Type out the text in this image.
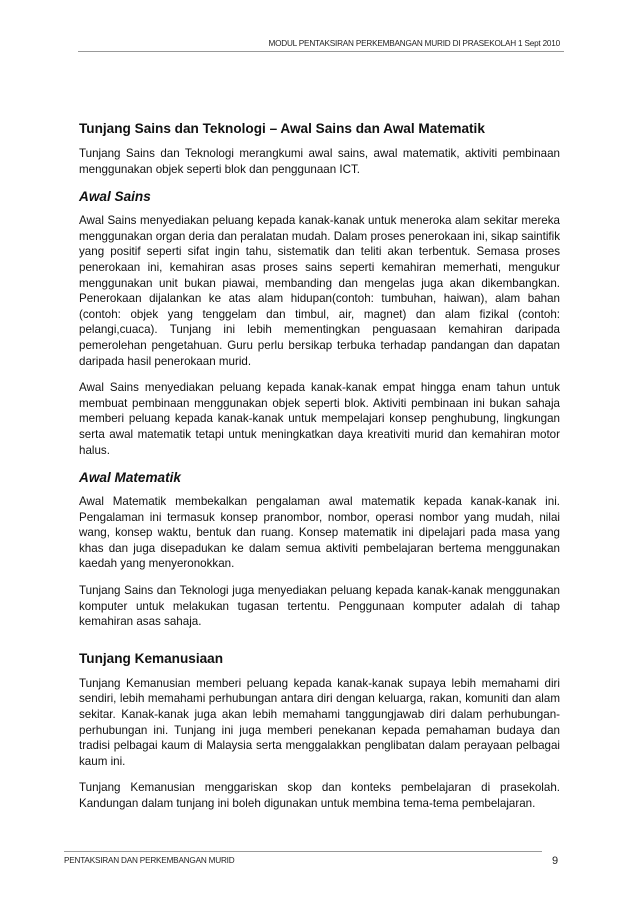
MODUL PENTAKSIRAN PERKEMBANGAN MURID DI PRASEKOLAH 1 Sept 2010
Tunjang Sains dan Teknologi – Awal Sains dan Awal Matematik
Tunjang Sains dan Teknologi merangkumi awal sains, awal matematik, aktiviti pembinaan menggunakan objek seperti blok dan penggunaan ICT.
Awal Sains
Awal Sains menyediakan peluang kepada kanak-kanak untuk meneroka alam sekitar mereka menggunakan organ deria dan peralatan mudah. Dalam proses penerokaan ini, sikap saintifik yang positif seperti sifat ingin tahu, sistematik dan teliti akan terbentuk. Semasa proses penerokaan ini, kemahiran asas proses sains seperti kemahiran memerhati, mengukur menggunakan unit bukan piawai, membanding dan mengelas juga akan dikembangkan. Penerokaan dijalankan ke atas alam hidupan(contoh: tumbuhan, haiwan), alam bahan (contoh: objek yang tenggelam dan timbul, air, magnet) dan alam fizikal (contoh: pelangi,cuaca). Tunjang ini lebih mementingkan penguasaan kemahiran daripada pemerolehan pengetahuan. Guru perlu bersikap terbuka terhadap pandangan dan dapatan daripada hasil penerokaan murid.
Awal Sains menyediakan peluang kepada kanak-kanak empat hingga enam tahun untuk membuat pembinaan menggunakan objek seperti blok. Aktiviti pembinaan ini bukan sahaja memberi peluang kepada kanak-kanak untuk mempelajari konsep penghubung, lingkungan serta awal matematik tetapi untuk meningkatkan daya kreativiti murid dan kemahiran motor halus.
Awal Matematik
Awal Matematik membekalkan pengalaman awal matematik kepada kanak-kanak ini. Pengalaman ini termasuk konsep pranombor, nombor, operasi nombor yang mudah, nilai wang, konsep waktu, bentuk dan ruang. Konsep matematik ini dipelajari pada masa yang khas dan juga disepadukan ke dalam semua aktiviti pembelajaran bertema menggunakan kaedah yang menyeronokkan.
Tunjang Sains dan Teknologi juga menyediakan peluang kepada kanak-kanak menggunakan komputer untuk melakukan tugasan tertentu. Penggunaan komputer adalah di tahap kemahiran asas sahaja.
Tunjang Kemanusiaan
Tunjang Kemanusian memberi peluang kepada kanak-kanak supaya lebih memahami diri sendiri, lebih memahami perhubungan antara diri dengan keluarga, rakan, komuniti dan alam sekitar. Kanak-kanak juga akan lebih memahami tanggungjawab diri dalam perhubungan-perhubungan ini. Tunjang ini juga memberi penekanan kepada pemahaman budaya dan tradisi pelbagai kaum di Malaysia serta menggalakkan penglibatan dalam perayaan pelbagai kaum ini.
Tunjang Kemanusian menggariskan skop dan konteks pembelajaran di prasekolah. Kandungan dalam tunjang ini boleh digunakan untuk membina tema-tema pembelajaran.
PENTAKSIRAN DAN PERKEMBANGAN MURID	9
